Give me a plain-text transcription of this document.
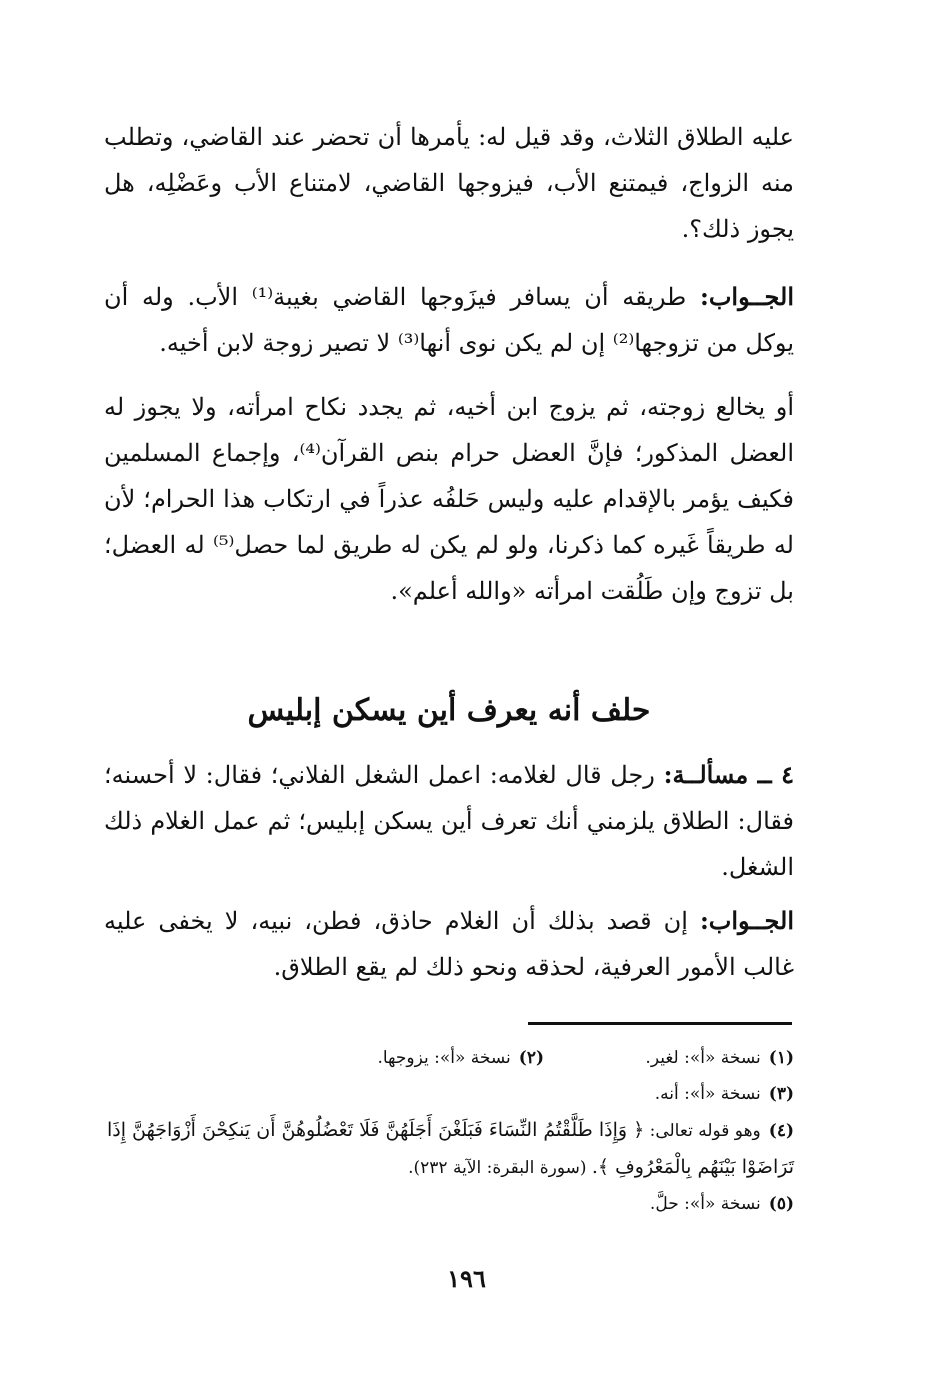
عليه الطلاق الثلاث، وقد قيل له: يأمرها أن تحضر عند القاضي، وتطلب منه الزواج، فيمتنع الأب، فيزوجها القاضي، لامتناع الأب وعَضْلِه، هل يجوز ذلك؟.

الجــواب: طريقه أن يسافر فيزَوجها القاضي بغيبة⁽¹⁾ الأب. وله أن يوكل من تزوجها⁽²⁾ إن لم يكن نوى أنها⁽³⁾ لا تصير زوجة لابن أخيه.

أو يخالع زوجته، ثم يزوج ابن أخيه، ثم يجدد نكاح امرأته، ولا يجوز له العضل المذكور؛ فإنَّ العضل حرام بنص القرآن⁽⁴⁾، وإجماع المسلمين فكيف يؤمر بالإقدام عليه وليس حَلفُه عذراً في ارتكاب هذا الحرام؛ لأن له طريقاً غَيره كما ذكرنا، ولو لم يكن له طريق لما حصل⁽⁵⁾ له العضل؛ بل تزوج وإن طَلُقت امرأته «والله أعلم».

حلف أنه يعرف أين يسكن إبليس

٤ ــ مسألــة: رجل قال لغلامه: اعمل الشغل الفلاني؛ فقال: لا أحسنه؛ فقال: الطلاق يلزمني أنك تعرف أين يسكن إبليس؛ ثم عمل الغلام ذلك الشغل.

الجــواب: إن قصد بذلك أن الغلام حاذق، فطن، نبيه، لا يخفى عليه غالب الأمور العرفية، لحذقه ونحو ذلك لم يقع الطلاق.

(١)نسخة «أ»: لغير.
(٢)نسخة «أ»: يزوجها.
(٣)نسخة «أ»: أنه.
(٤)وهو قوله تعالى: ﴿ وَإِذَا طَلَّقْتُمُ النِّسَاءَ فَبَلَغْنَ أَجَلَهُنَّ فَلَا تَعْضُلُوهُنَّ أَن يَنكِحْنَ أَزْوَاجَهُنَّ إِذَا تَرَاضَوْا بَيْنَهُم بِالْمَعْرُوفِ ﴾. (سورة البقرة: الآية ٢٣٢).
(٥)نسخة «أ»: حلَّ.
١٩٦
